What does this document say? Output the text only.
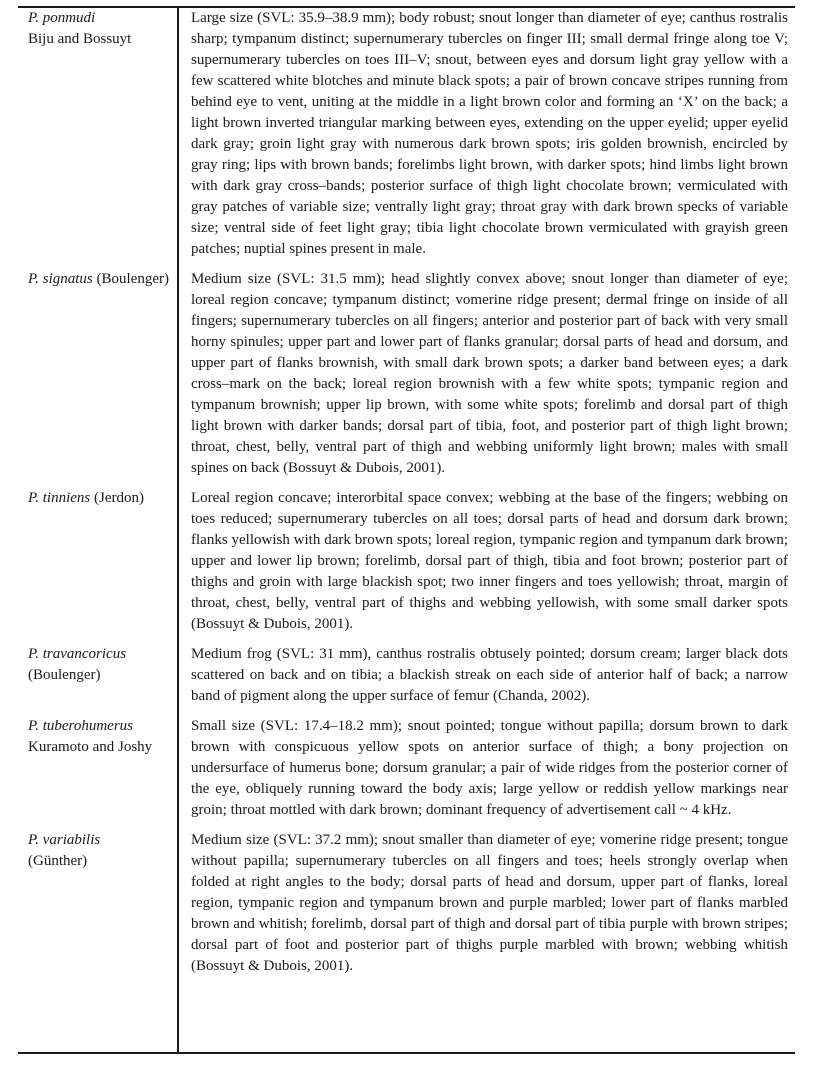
P. ponmudi
Biju and Bossuyt
Large size (SVL: 35.9–38.9 mm); body robust; snout longer than diameter of eye; canthus rostralis sharp; tympanum distinct; supernumerary tubercles on finger III; small dermal fringe along toe V; supernumerary tubercles on toes III–V; snout, between eyes and dorsum light gray yellow with a few scattered white blotches and minute black spots; a pair of brown concave stripes running from behind eye to vent, uniting at the middle in a light brown color and forming an ‘X’ on the back; a light brown inverted triangular marking between eyes, extending on the upper eyelid; upper eyelid dark gray; groin light gray with numerous dark brown spots; iris golden brownish, encircled by gray ring; lips with brown bands; forelimbs light brown, with darker spots; hind limbs light brown with dark gray cross–bands; posterior surface of thigh light chocolate brown; vermiculated with gray patches of variable size; ventrally light gray; throat gray with dark brown specks of variable size; ventral side of feet light gray; tibia light chocolate brown vermiculated with grayish green patches; nuptial spines present in male.
P. signatus (Boulenger)	Medium size (SVL: 31.5 mm); head slightly convex above; snout longer than diameter of eye; loreal region concave; tympanum distinct; vomerine ridge present; dermal fringe on inside of all fingers; supernumerary tubercles on all fingers; anterior and posterior part of back with very small horny spinules; upper part and lower part of flanks granular; dorsal parts of head and dorsum, and upper part of flanks brownish, with small dark brown spots; a darker band between eyes; a dark cross–mark on the back; loreal region brownish with a few white spots; tympanic region and tympanum brownish; upper lip brown, with some white spots; forelimb and dorsal part of thigh light brown with darker bands; dorsal part of tibia, foot, and posterior part of thigh light brown; throat, chest, belly, ventral part of thigh and webbing uniformly light brown; males with small spines on back (Bossuyt & Dubois, 2001).
P. tinniens (Jerdon)	Loreal region concave; interorbital space convex; webbing at the base of the fingers; webbing on toes reduced; supernumerary tubercles on all toes; dorsal parts of head and dorsum dark brown; flanks yellowish with dark brown spots; loreal region, tympanic region and tympanum dark brown; upper and lower lip brown; forelimb, dorsal part of thigh, tibia and foot brown; posterior part of thighs and groin with large blackish spot; two inner fingers and toes yellowish; throat, margin of throat, chest, belly, ventral part of thighs and webbing yellowish, with some small darker spots (Bossuyt & Dubois, 2001).
P. travancoricus
(Boulenger)
Medium frog (SVL: 31 mm), canthus rostralis obtusely pointed; dorsum cream; larger black dots scattered on back and on tibia; a blackish streak on each side of anterior half of back; a narrow band of pigment along the upper surface of femur (Chanda, 2002).
P. tuberohumerus
Kuramoto and Joshy
Small size (SVL: 17.4–18.2 mm); snout pointed; tongue without papilla; dorsum brown to dark brown with conspicuous yellow spots on anterior surface of thigh; a bony projection on undersurface of humerus bone; dorsum granular; a pair of wide ridges from the posterior corner of the eye, obliquely running toward the body axis; large yellow or reddish yellow markings near groin; throat mottled with dark brown; dominant frequency of advertisement call ~ 4 kHz.
P. variabilis
(Günther)
Medium size (SVL: 37.2 mm); snout smaller than diameter of eye; vomerine ridge present; tongue without papilla; supernumerary tubercles on all fingers and toes; heels strongly overlap when folded at right angles to the body; dorsal parts of head and dorsum, upper part of flanks, loreal region, tympanic region and tympanum brown and purple marbled; lower part of flanks marbled brown and whitish; forelimb, dorsal part of thigh and dorsal part of tibia purple with brown stripes; dorsal part of foot and posterior part of thighs purple marbled with brown; webbing whitish (Bossuyt & Dubois, 2001).
